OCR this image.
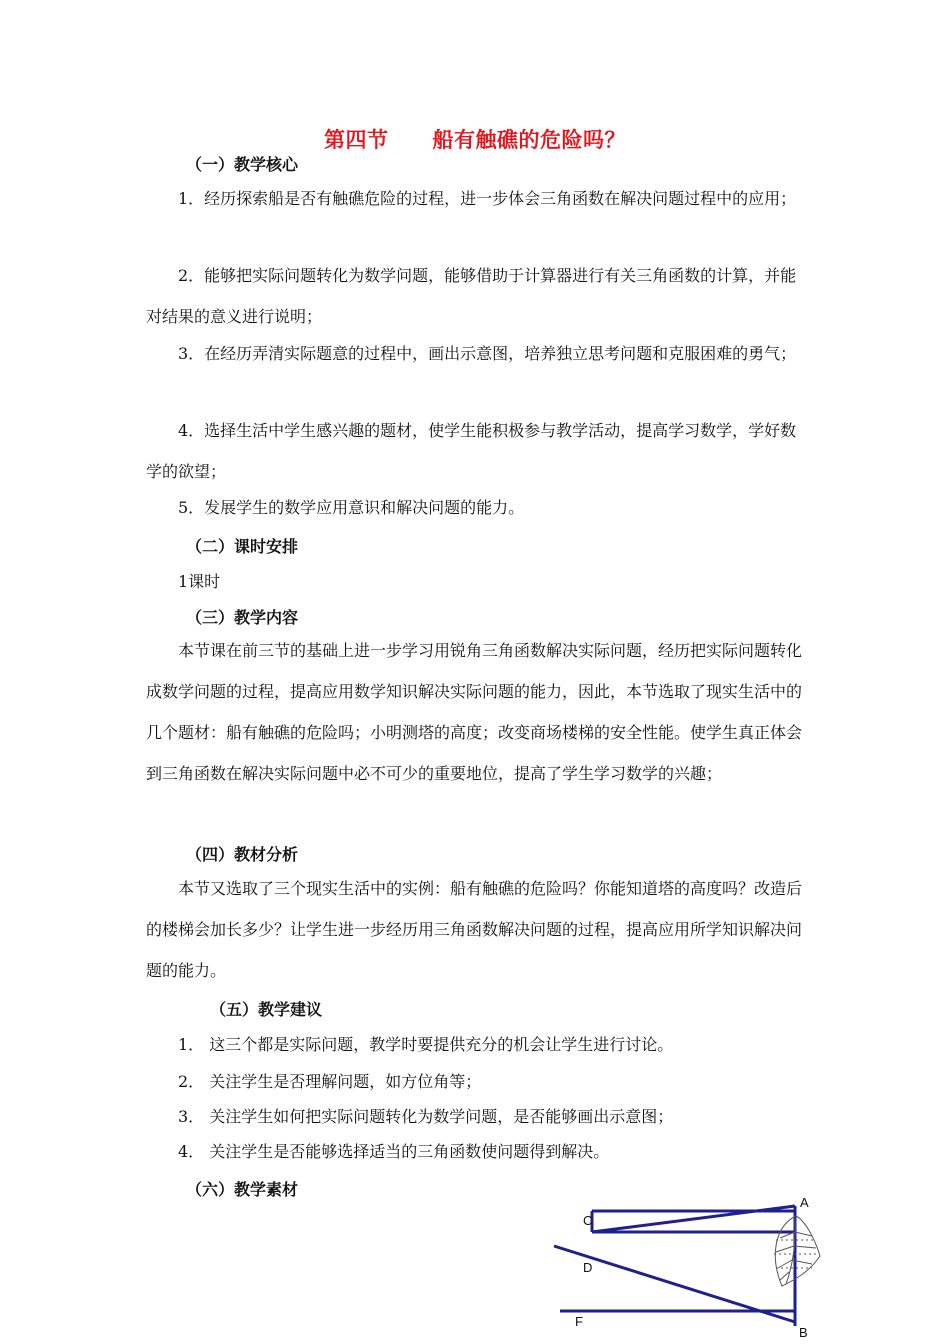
第四节 船有触礁的危险吗？
（一）教学核心
1．经历探索船是否有触礁危险的过程，进一步体会三角函数在解决问题过程中的应用；
2．能够把实际问题转化为数学问题，能够借助于计算器进行有关三角函数的计算，并能对结果的意义进行说明；
3．在经历弄清实际题意的过程中，画出示意图，培养独立思考问题和克服困难的勇气；
4．选择生活中学生感兴趣的题材，使学生能积极参与教学活动，提高学习数学，学好数学的欲望；
5．发展学生的数学应用意识和解决问题的能力。
（二）课时安排
1课时
（三）教学内容
本节课在前三节的基础上进一步学习用锐角三角函数解决实际问题，经历把实际问题转化成数学问题的过程，提高应用数学知识解决实际问题的能力，因此，本节选取了现实生活中的几个题材：船有触礁的危险吗；小明测塔的高度；改变商场楼梯的安全性能。使学生真正体会到三角函数在解决实际问题中必不可少的重要地位，提高了学生学习数学的兴趣；
（四）教材分析
本节又选取了三个现实生活中的实例：船有触礁的危险吗？你能知道塔的高度吗？改造后的楼梯会加长多少？让学生进一步经历用三角函数解决问题的过程，提高应用所学知识解决问题的能力。
（五）教学建议
1． 这三个都是实际问题，教学时要提供充分的机会让学生进行讨论。
2． 关注学生是否理解问题，如方位角等；
3． 关注学生如何把实际问题转化为数学问题，是否能够画出示意图；
4． 关注学生是否能够选择适当的三角函数使问题得到解决。
（六）教学素材
A
B
C
D
F
